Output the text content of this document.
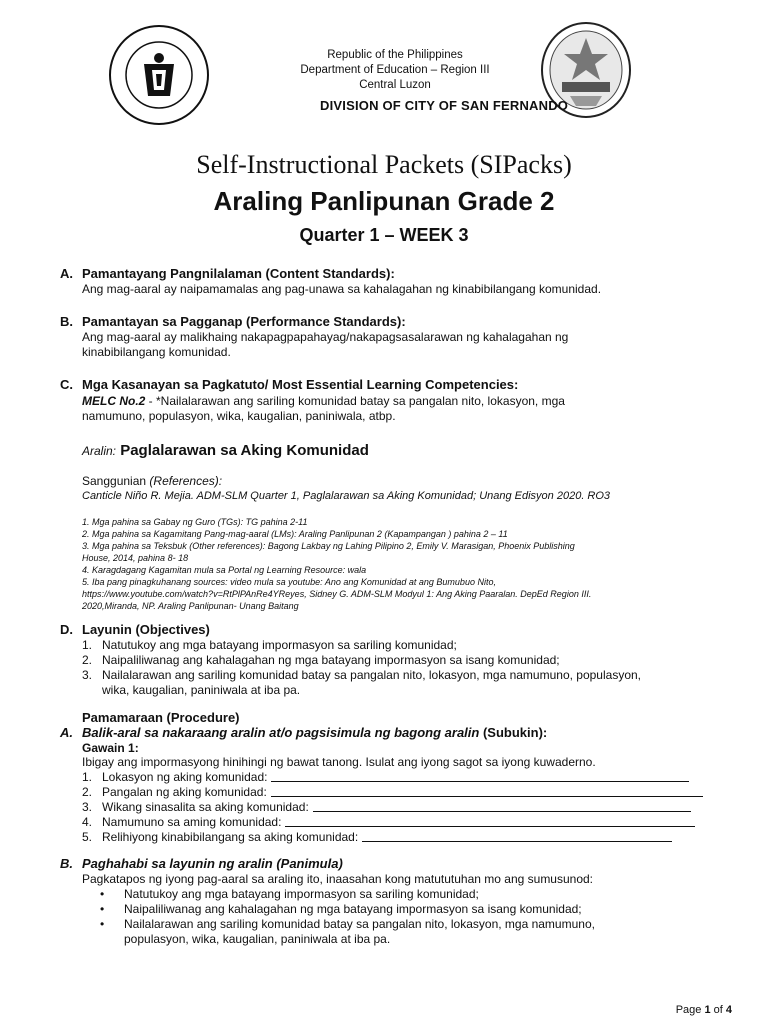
Republic of the Philippines
Department of Education – Region III
Central Luzon
DIVISION OF CITY OF SAN FERNANDO
Self-Instructional Packets (SIPacks)
Araling Panlipunan Grade 2
Quarter 1 – WEEK 3
A. Pamantayang Pangnilalaman (Content Standards):
Ang mag-aaral ay naipamamalas ang pag-unawa sa kahalagahan ng kinabibilangang komunidad.
B. Pamantayan sa Pagganap (Performance Standards):
Ang mag-aaral ay malikhaing nakapagpapahayag/nakapagsasalarawan ng kahalagahan ng
kinabibilangang komunidad.
C. Mga Kasanayan sa Pagkatuto/ Most Essential Learning Competencies:
MELC No.2 - *Nailalarawan ang sariling komunidad batay sa pangalan nito, lokasyon, mga
namumuno, populasyon, wika, kaugalian, paniniwala, atbp.
Aralin: Paglalarawan sa Aking Komunidad
Sanggunian (References):
Canticle Niño R. Mejia. ADM-SLM Quarter 1, Paglalarawan sa Aking Komunidad; Unang Edisyon 2020. RO3
1. Mga pahina sa Gabay ng Guro (TGs): TG pahina 2-11
2. Mga pahina sa Kagamitang Pang-mag-aaral (LMs): Araling Panlipunan 2 (Kapampangan ) pahina 2 – 11
3. Mga pahina sa Teksbuk (Other references): Bagong Lakbay ng Lahing Pilipino 2, Emily V. Marasigan, Phoenix Publishing
House, 2014, pahina 8- 18
4. Karagdagang Kagamitan mula sa Portal ng Learning Resource: wala
5. Iba pang pinagkuhanang sources: video mula sa youtube: Ano ang Komunidad at ang Bumubuo Nito,
https://www.youtube.com/watch?v=RtPlPAnRe4YReyes, Sidney G. ADM-SLM Modyul 1: Ang Aking Paaralan. DepEd Region III.
2020,Miranda, NP. Araling Panlipunan- Unang Baitang
D. Layunin (Objectives)
1. Natutukoy ang mga batayang impormasyon sa sariling komunidad;
2. Naipaliliwanag ang kahalagahan ng mga batayang impormasyon sa isang komunidad;
3. Nailalarawan ang sariling komunidad batay sa pangalan nito, lokasyon, mga namumuno, populasyon,
wika, kaugalian, paniniwala at iba pa.
Pamamaraan (Procedure)
A. Balik-aral sa nakaraang aralin at/o pagsisimula ng bagong aralin (Subukin):
Gawain 1:
Ibigay ang impormasyong hinihingi ng bawat tanong. Isulat ang iyong sagot sa iyong kuwaderno.
1. Lokasyon ng aking komunidad:
2. Pangalan ng aking komunidad:
3. Wikang sinasalita sa aking komunidad:
4. Namumuno sa aming komunidad:
5. Relihiyong kinabibilangang sa aking komunidad:
B. Paghahabi sa layunin ng aralin (Panimula)
Pagkatapos ng iyong pag-aaral sa araling ito, inaasahan kong matututuhan mo ang sumusunod:
•	Natutukoy ang mga batayang impormasyon sa sariling komunidad;
•	Naipaliliwanag ang kahalagahan ng mga batayang impormasyon sa isang komunidad;
•	Nailalarawan ang sariling komunidad batay sa pangalan nito, lokasyon, mga namumuno,
populasyon, wika, kaugalian, paniniwala at iba pa.
Page 1 of 4
